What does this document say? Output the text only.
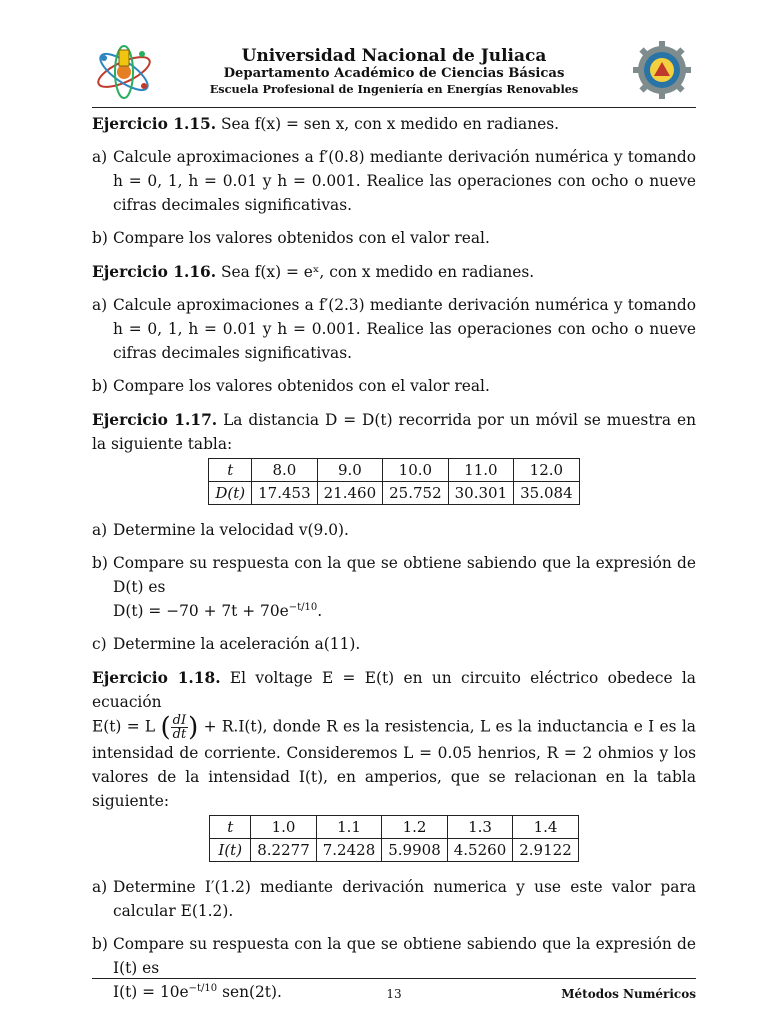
Universidad Nacional de Juliaca
Departamento Académico de Ciencias Básicas
Escuela Profesional de Ingeniería en Energías Renovables

Ejercicio 1.15. Sea f(x) = sen x, con x medido en radianes.

a) Calcule aproximaciones a f′(0.8) mediante derivación numérica y tomando h = 0, 1, h = 0.01 y h = 0.001. Realice las operaciones con ocho o nueve cifras decimales significativas.
b) Compare los valores obtenidos con el valor real.

Ejercicio 1.16. Sea f(x) = eˣ, con x medido en radianes.

a) Calcule aproximaciones a f′(2.3) mediante derivación numérica y tomando h = 0, 1, h = 0.01 y h = 0.001. Realice las operaciones con ocho o nueve cifras decimales significativas.
b) Compare los valores obtenidos con el valor real.

Ejercicio 1.17. La distancia D = D(t) recorrida por un móvil se muestra en la siguiente tabla:

t	8.0	9.0	10.0	11.0	12.0
D(t)	17.453	21.460	25.752	30.301	35.084
a) Determine la velocidad v(9.0).
b) Compare su respuesta con la que se obtiene sabiendo que la expresión de D(t) es
$D(t) = -70 + 7t + 70e^{-t/10}$.
c) Determine la aceleración a(11).

Ejercicio 1.18. El voltage E = E(t) en un circuito eléctrico obedece la ecuación
E(t) = L ( $\frac{dI}{dt}$ ) + R.I(t), donde R es la resistencia, L es la inductancia e I es la intensidad de corriente. Consideremos L = 0.05 henrios, R = 2 ohmios y los valores de la intensidad I(t), en amperios, que se relacionan en la tabla siguiente:

t	1.0	1.1	1.2	1.3	1.4
I(t)	8.2277	7.2428	5.9908	4.5260	2.9122
a) Determine I′(1.2) mediante derivación numerica y use este valor para calcular E(1.2).
b) Compare su respuesta con la que se obtiene sabiendo que la expresión de I(t) es
$I(t) = 10e^{-t/10}$ sen(2t).	13	Métodos Numéricos
